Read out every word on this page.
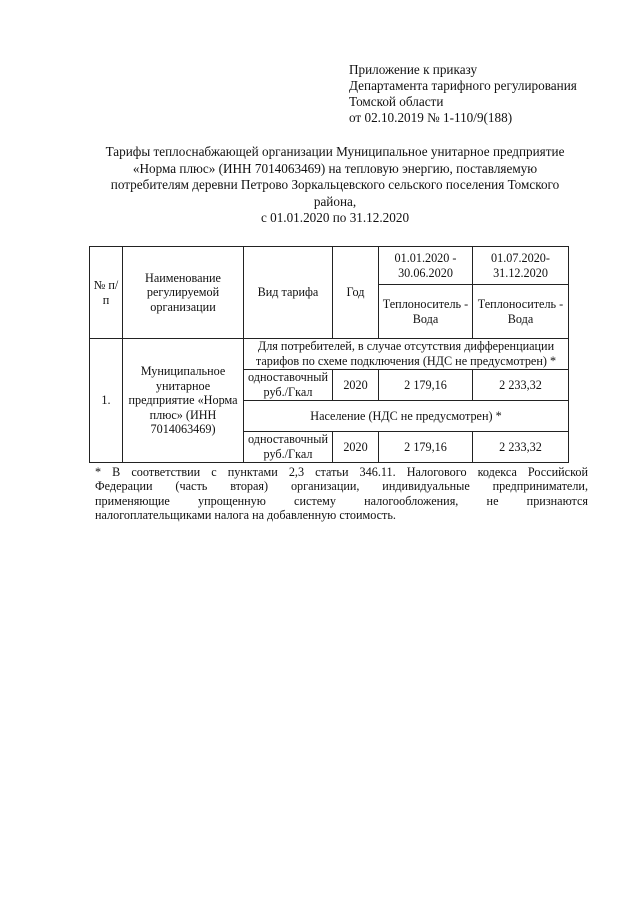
Приложение к приказу
Департамента тарифного регулирования
Томской области
от 02.10.2019 № 1-110/9(188)
Тарифы теплоснабжающей организации Муниципальное унитарное предприятие
«Норма плюс» (ИНН 7014063469) на тепловую энергию, поставляемую
потребителям деревни Петрово Зоркальцевского сельского поселения Томского
района,
с 01.01.2020 по 31.12.2020
№ п/п	Наименование регулируемой организации	Вид тарифа	Год	01.01.2020 - 30.06.2020	01.07.2020- 31.12.2020
				Теплоноситель - Вода	Теплоноситель - Вода
1.	Муниципальное унитарное предприятие «Норма плюс» (ИНН 7014063469)	Для потребителей, в случае отсутствия дифференциации тарифов по схеме подключения (НДС не предусмотрен) *			
		одноставочный руб./Гкал	2020	2 179,16	2 233,32
		Население (НДС не предусмотрен) *			
		одноставочный руб./Гкал	2020	2 179,16	2 233,32
* В соответствии с пунктами 2,3 статьи 346.11. Налогового кодекса Российской
Федерации (часть вторая) организации, индивидуальные предприниматели,
применяющие упрощенную систему налогообложения, не признаются
налогоплательщиками налога на добавленную стоимость.
